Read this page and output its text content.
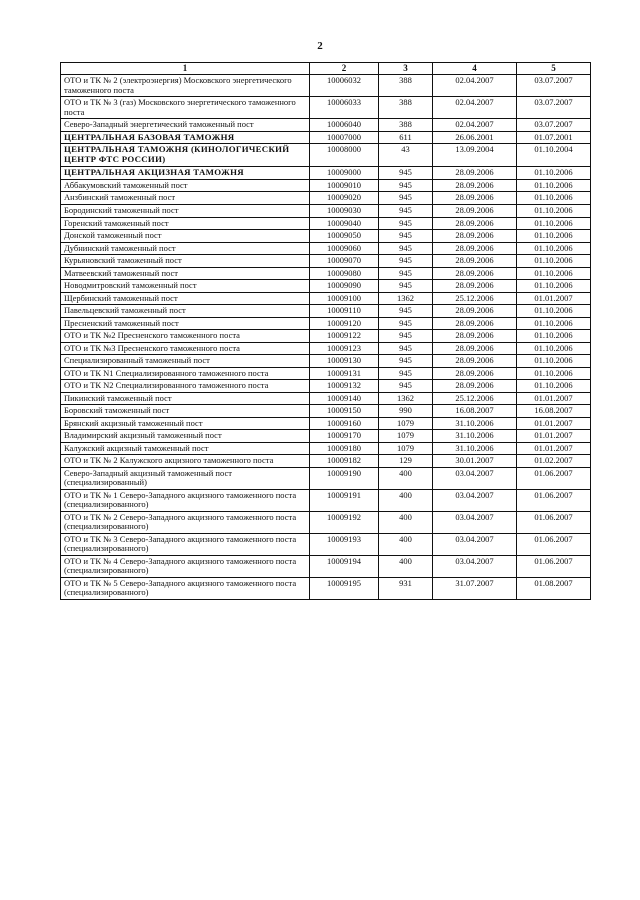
2
1	2	3	4	5
ОТО и ТК № 2 (электроэнергия) Московского энергетического таможенного поста	10006032	388	02.04.2007	03.07.2007
ОТО и ТК № 3 (газ) Московского энергетического таможенного поста	10006033	388	02.04.2007	03.07.2007
Северо-Западный энергетический таможенный пост	10006040	388	02.04.2007	03.07.2007
ЦЕНТРАЛЬНАЯ БАЗОВАЯ ТАМОЖНЯ	10007000	611	26.06.2001	01.07.2001
ЦЕНТРАЛЬНАЯ ТАМОЖНЯ (КИНОЛОГИЧЕСКИЙ ЦЕНТР ФТС РОССИИ)	10008000	43	13.09.2004	01.10.2004
ЦЕНТРАЛЬНАЯ АКЦИЗНАЯ ТАМОЖНЯ	10009000	945	28.09.2006	01.10.2006
Аббакумовский таможенный пост	10009010	945	28.09.2006	01.10.2006
Анзбинский таможенный пост	10009020	945	28.09.2006	01.10.2006
Бородинский таможенный пост	10009030	945	28.09.2006	01.10.2006
Горенский таможенный пост	10009040	945	28.09.2006	01.10.2006
Донской таможенный пост	10009050	945	28.09.2006	01.10.2006
Дубнинский таможенный пост	10009060	945	28.09.2006	01.10.2006
Курьяновский таможенный пост	10009070	945	28.09.2006	01.10.2006
Матвеевский таможенный пост	10009080	945	28.09.2006	01.10.2006
Новодмитровский таможенный пост	10009090	945	28.09.2006	01.10.2006
Щербинский таможенный пост	10009100	1362	25.12.2006	01.01.2007
Павельцевский таможенный пост	10009110	945	28.09.2006	01.10.2006
Пресненский таможенный пост	10009120	945	28.09.2006	01.10.2006
ОТО и ТК №2 Пресненского таможенного поста	10009122	945	28.09.2006	01.10.2006
ОТО и ТК №3 Пресненского таможенного поста	10009123	945	28.09.2006	01.10.2006
Специализированный таможенный пост	10009130	945	28.09.2006	01.10.2006
ОТО и ТК N1 Специализированного таможенного поста	10009131	945	28.09.2006	01.10.2006
ОТО и ТК N2 Специализированного таможенного поста	10009132	945	28.09.2006	01.10.2006
Пикинский таможенный пост	10009140	1362	25.12.2006	01.01.2007
Боровский таможенный пост	10009150	990	16.08.2007	16.08.2007
Брянский акцизный таможенный пост	10009160	1079	31.10.2006	01.01.2007
Владимирский акцизный таможенный пост	10009170	1079	31.10.2006	01.01.2007
Калужский акцизный таможенный пост	10009180	1079	31.10.2006	01.01.2007
ОТО и ТК № 2 Калужского акцизного таможенного поста	10009182	129	30.01.2007	01.02.2007
Северо-Западный акцизный таможенный пост (специализированный)	10009190	400	03.04.2007	01.06.2007
ОТО и ТК № 1 Северо-Западного акцизного таможенного поста (специализированного)	10009191	400	03.04.2007	01.06.2007
ОТО и ТК № 2 Северо-Западного акцизного таможенного поста (специализированного)	10009192	400	03.04.2007	01.06.2007
ОТО и ТК № 3 Северо-Западного акцизного таможенного поста (специализированного)	10009193	400	03.04.2007	01.06.2007
ОТО и ТК № 4 Северо-Западного акцизного таможенного поста (специализированного)	10009194	400	03.04.2007	01.06.2007
ОТО и ТК № 5 Северо-Западного акцизного таможенного поста (специализированного)	10009195	931	31.07.2007	01.08.2007
